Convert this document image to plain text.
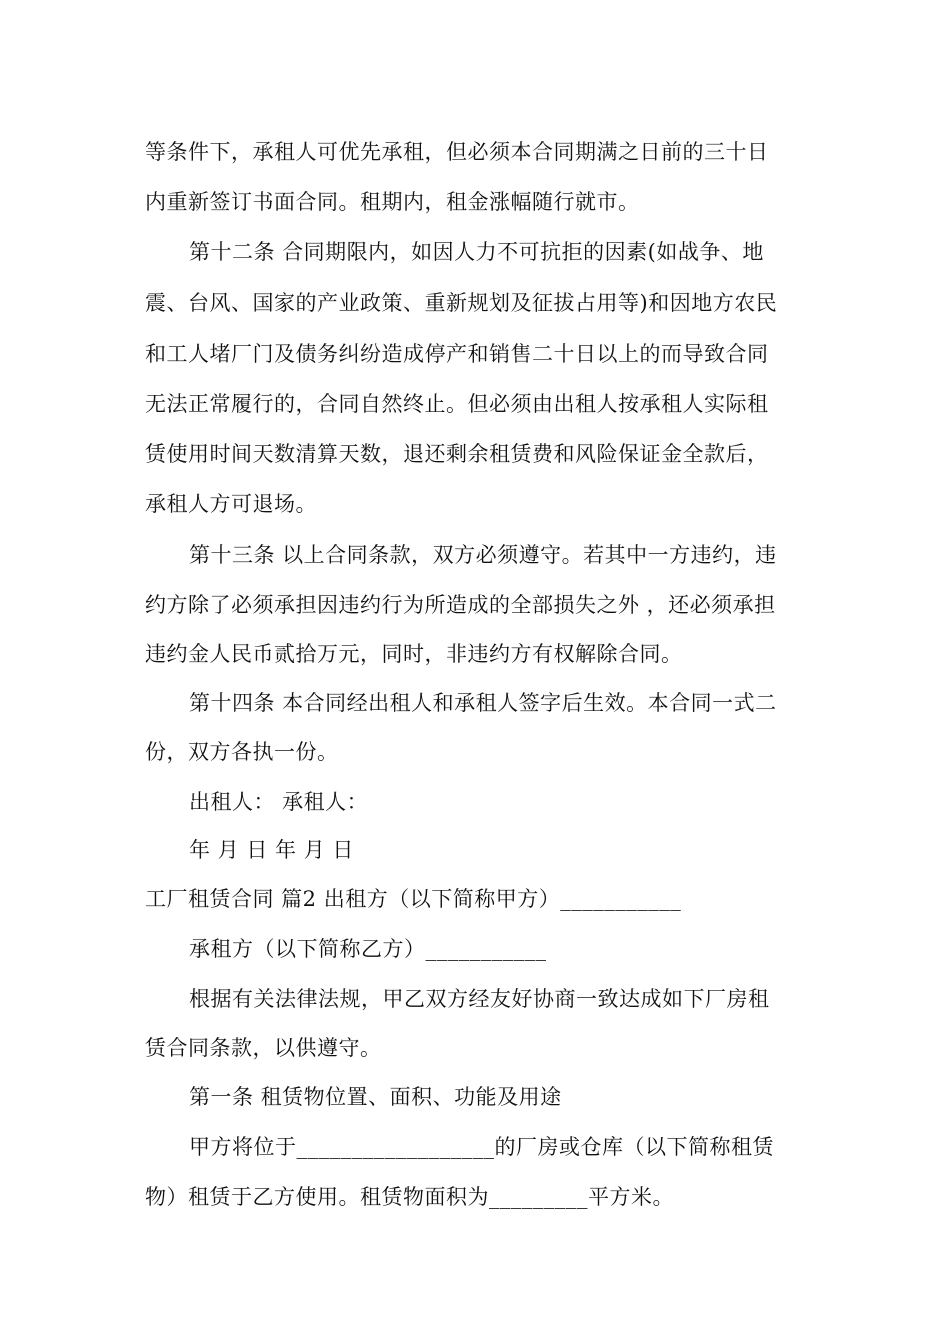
等条件下，承租人可优先承租，但必须本合同期满之日前的三十日
内重新签订书面合同。租期内，租金涨幅随行就市。
第十二条 合同期限内，如因人力不可抗拒的因素(如战争、地
震、台风、国家的产业政策、重新规划及征拔占用等)和因地方农民
和工人堵厂门及债务纠纷造成停产和销售二十日以上的而导致合同
无法正常履行的，合同自然终止。但必须由出租人按承租人实际租
赁使用时间天数清算天数，退还剩余租赁费和风险保证金全款后，
承租人方可退场。
第十三条 以上合同条款，双方必须遵守。若其中一方违约，违
约方除了必须承担因违约行为所造成的全部损失之外 ，还必须承担
违约金人民币贰拾万元，同时，非违约方有权解除合同。
第十四条 本合同经出租人和承租人签字后生效。本合同一式二
份，双方各执一份。
出租人： 承租人：
年 月 日 年 月 日
工厂租赁合同 篇2 出租方（以下简称甲方）___________
承租方（以下简称乙方）___________
根据有关法律法规，甲乙双方经友好协商一致达成如下厂房租
赁合同条款，以供遵守。
第一条 租赁物位置、面积、功能及用途
甲方将位于__________________的厂房或仓库（以下简称租赁
物）租赁于乙方使用。租赁物面积为_________平方米。
